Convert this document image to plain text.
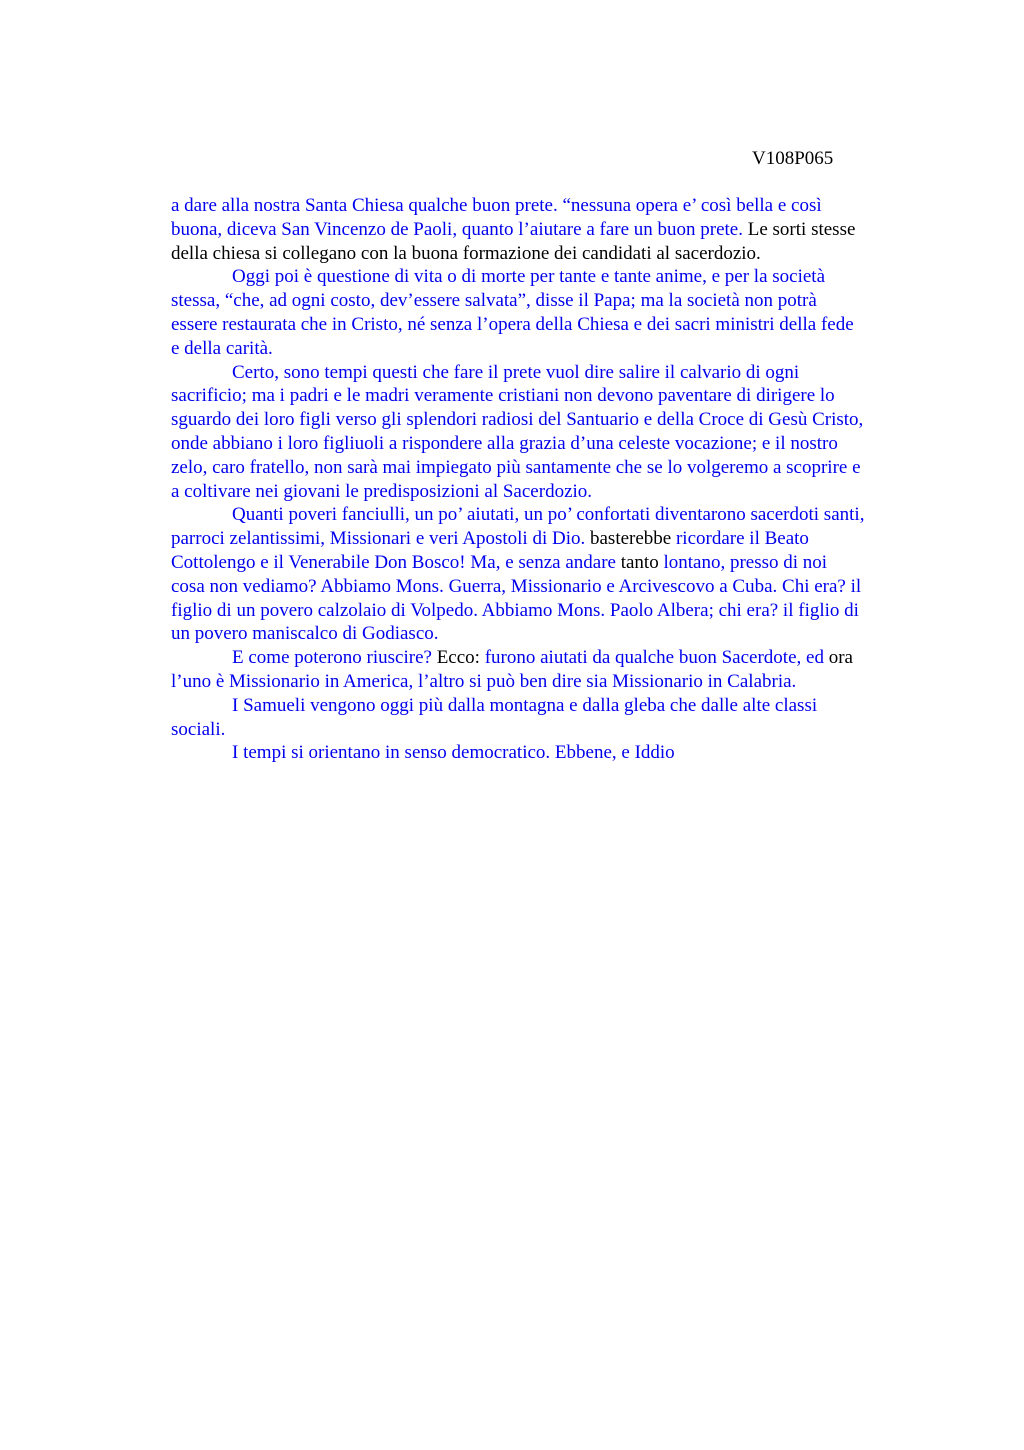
V108P065
a dare alla nostra Santa Chiesa qualche buon prete. “nessuna opera e’ così bella e così
buona, diceva San Vincenzo de Paoli, quanto l’aiutare a fare un buon prete. Le sorti stesse
della chiesa si collegano con la buona formazione dei candidati al sacerdozio.
Oggi poi è questione di vita o di morte per tante e tante anime, e per la società
stessa, “che, ad ogni costo, dev’essere salvata”, disse il Papa; ma la società non potrà
essere restaurata che in Cristo, né senza l’opera della Chiesa e dei sacri ministri della fede
e della carità.
Certo, sono tempi questi che fare il prete vuol dire salire il calvario di ogni
sacrificio; ma i padri e le madri veramente cristiani non devono paventare di dirigere lo
sguardo dei loro figli verso gli splendori radiosi del Santuario e della Croce di Gesù Cristo,
onde abbiano i loro figliuoli a rispondere alla grazia d’una celeste vocazione; e il nostro
zelo, caro fratello, non sarà mai impiegato più santamente che se lo volgeremo a scoprire e
a coltivare nei giovani le predisposizioni al Sacerdozio.
Quanti poveri fanciulli, un po’ aiutati, un po’ confortati diventarono sacerdoti santi,
parroci zelantissimi, Missionari e veri Apostoli di Dio. basterebbe ricordare il Beato
Cottolengo e il Venerabile Don Bosco! Ma, e senza andare tanto lontano, presso di noi
cosa non vediamo? Abbiamo Mons. Guerra, Missionario e Arcivescovo a Cuba. Chi era? il
figlio di un povero calzolaio di Volpedo. Abbiamo Mons. Paolo Albera; chi era? il figlio di
un povero maniscalco di Godiasco.
E come poterono riuscire? Ecco: furono aiutati da qualche buon Sacerdote, ed ora
l’uno è Missionario in America, l’altro si può ben dire sia Missionario in Calabria.
I Samueli vengono oggi più dalla montagna e dalla gleba che dalle alte classi
sociali.
I tempi si orientano in senso democratico. Ebbene, e Iddio
